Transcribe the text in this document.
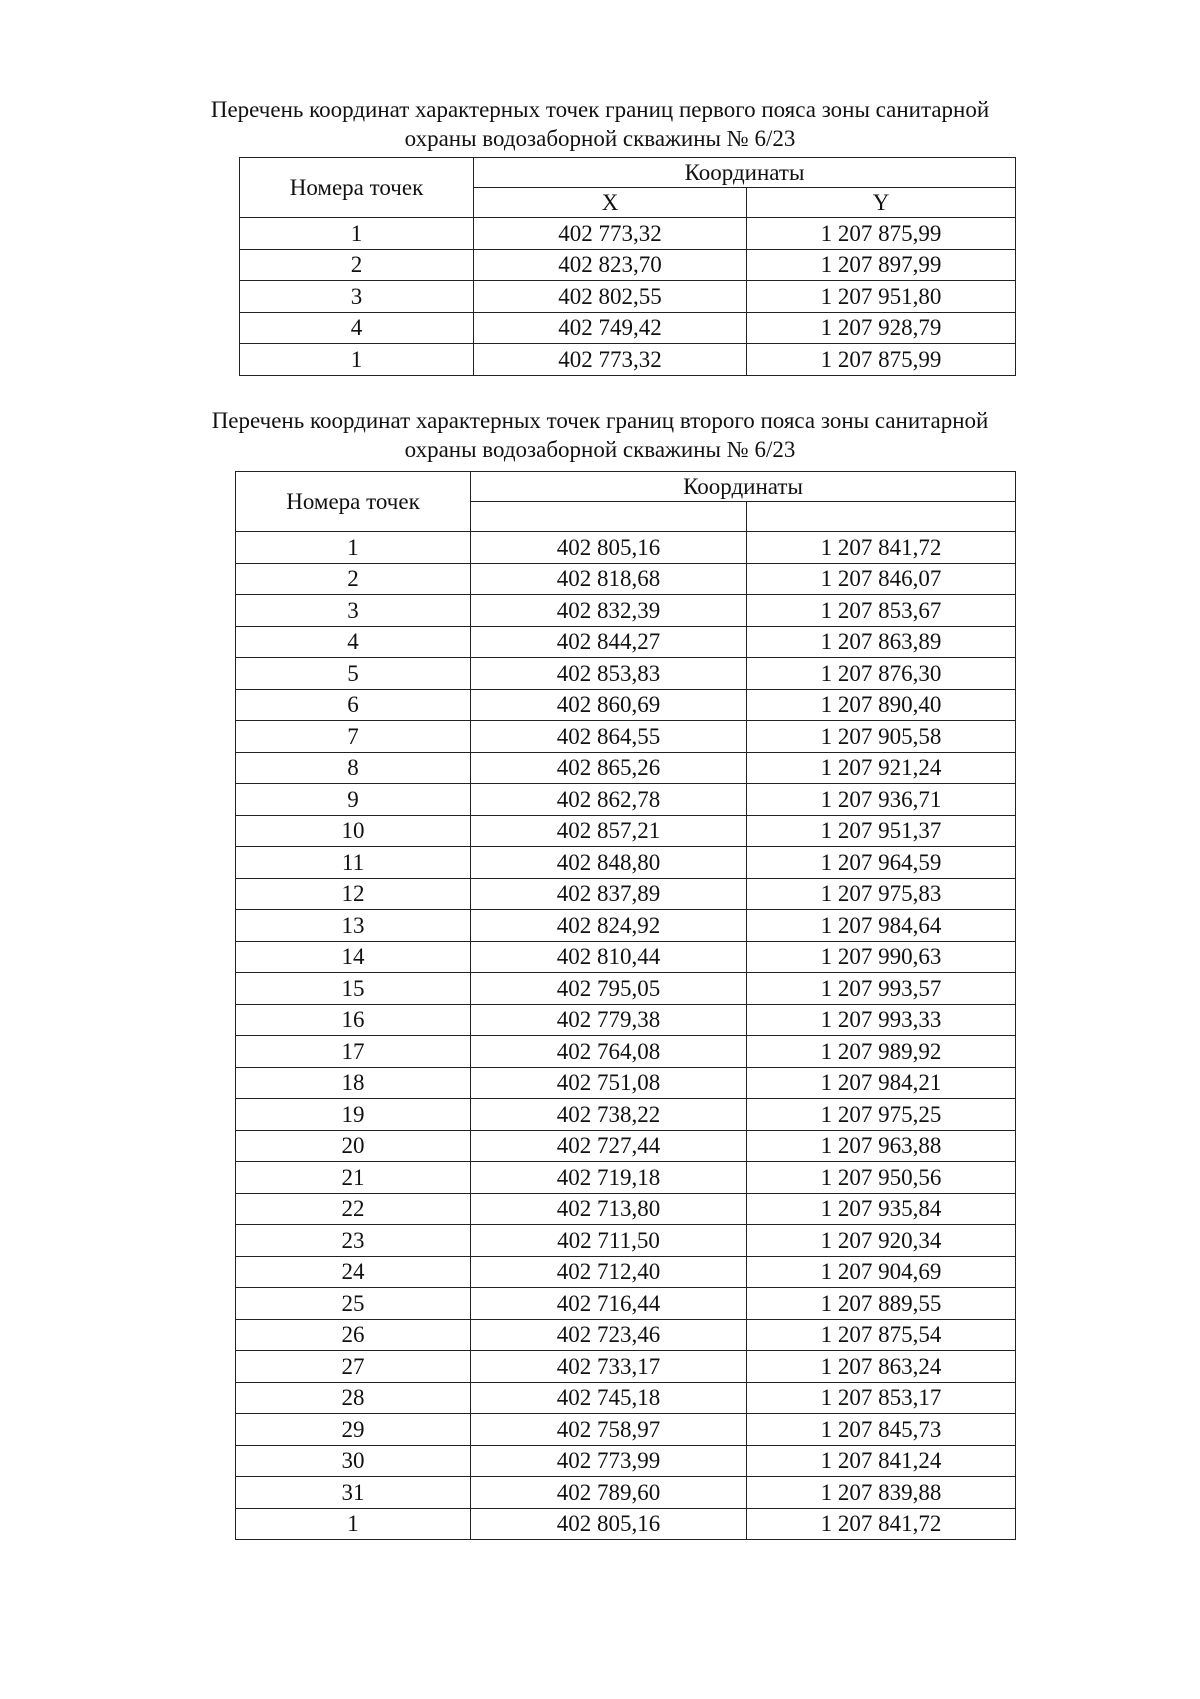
Перечень координат характерных точек границ первого пояса зоны санитарной
охраны водозаборной скважины № 6/23
Номера точек	Координаты	
	X	Y
1	402 773,32	1 207 875,99
2	402 823,70	1 207 897,99
3	402 802,55	1 207 951,80
4	402 749,42	1 207 928,79
1	402 773,32	1 207 875,99
Перечень координат характерных точек границ второго пояса зоны санитарной
охраны водозаборной скважины № 6/23
Номера точек	Координаты	

1	402 805,16	1 207 841,72
2	402 818,68	1 207 846,07
3	402 832,39	1 207 853,67
4	402 844,27	1 207 863,89
5	402 853,83	1 207 876,30
6	402 860,69	1 207 890,40
7	402 864,55	1 207 905,58
8	402 865,26	1 207 921,24
9	402 862,78	1 207 936,71
10	402 857,21	1 207 951,37
11	402 848,80	1 207 964,59
12	402 837,89	1 207 975,83
13	402 824,92	1 207 984,64
14	402 810,44	1 207 990,63
15	402 795,05	1 207 993,57
16	402 779,38	1 207 993,33
17	402 764,08	1 207 989,92
18	402 751,08	1 207 984,21
19	402 738,22	1 207 975,25
20	402 727,44	1 207 963,88
21	402 719,18	1 207 950,56
22	402 713,80	1 207 935,84
23	402 711,50	1 207 920,34
24	402 712,40	1 207 904,69
25	402 716,44	1 207 889,55
26	402 723,46	1 207 875,54
27	402 733,17	1 207 863,24
28	402 745,18	1 207 853,17
29	402 758,97	1 207 845,73
30	402 773,99	1 207 841,24
31	402 789,60	1 207 839,88
1	402 805,16	1 207 841,72
